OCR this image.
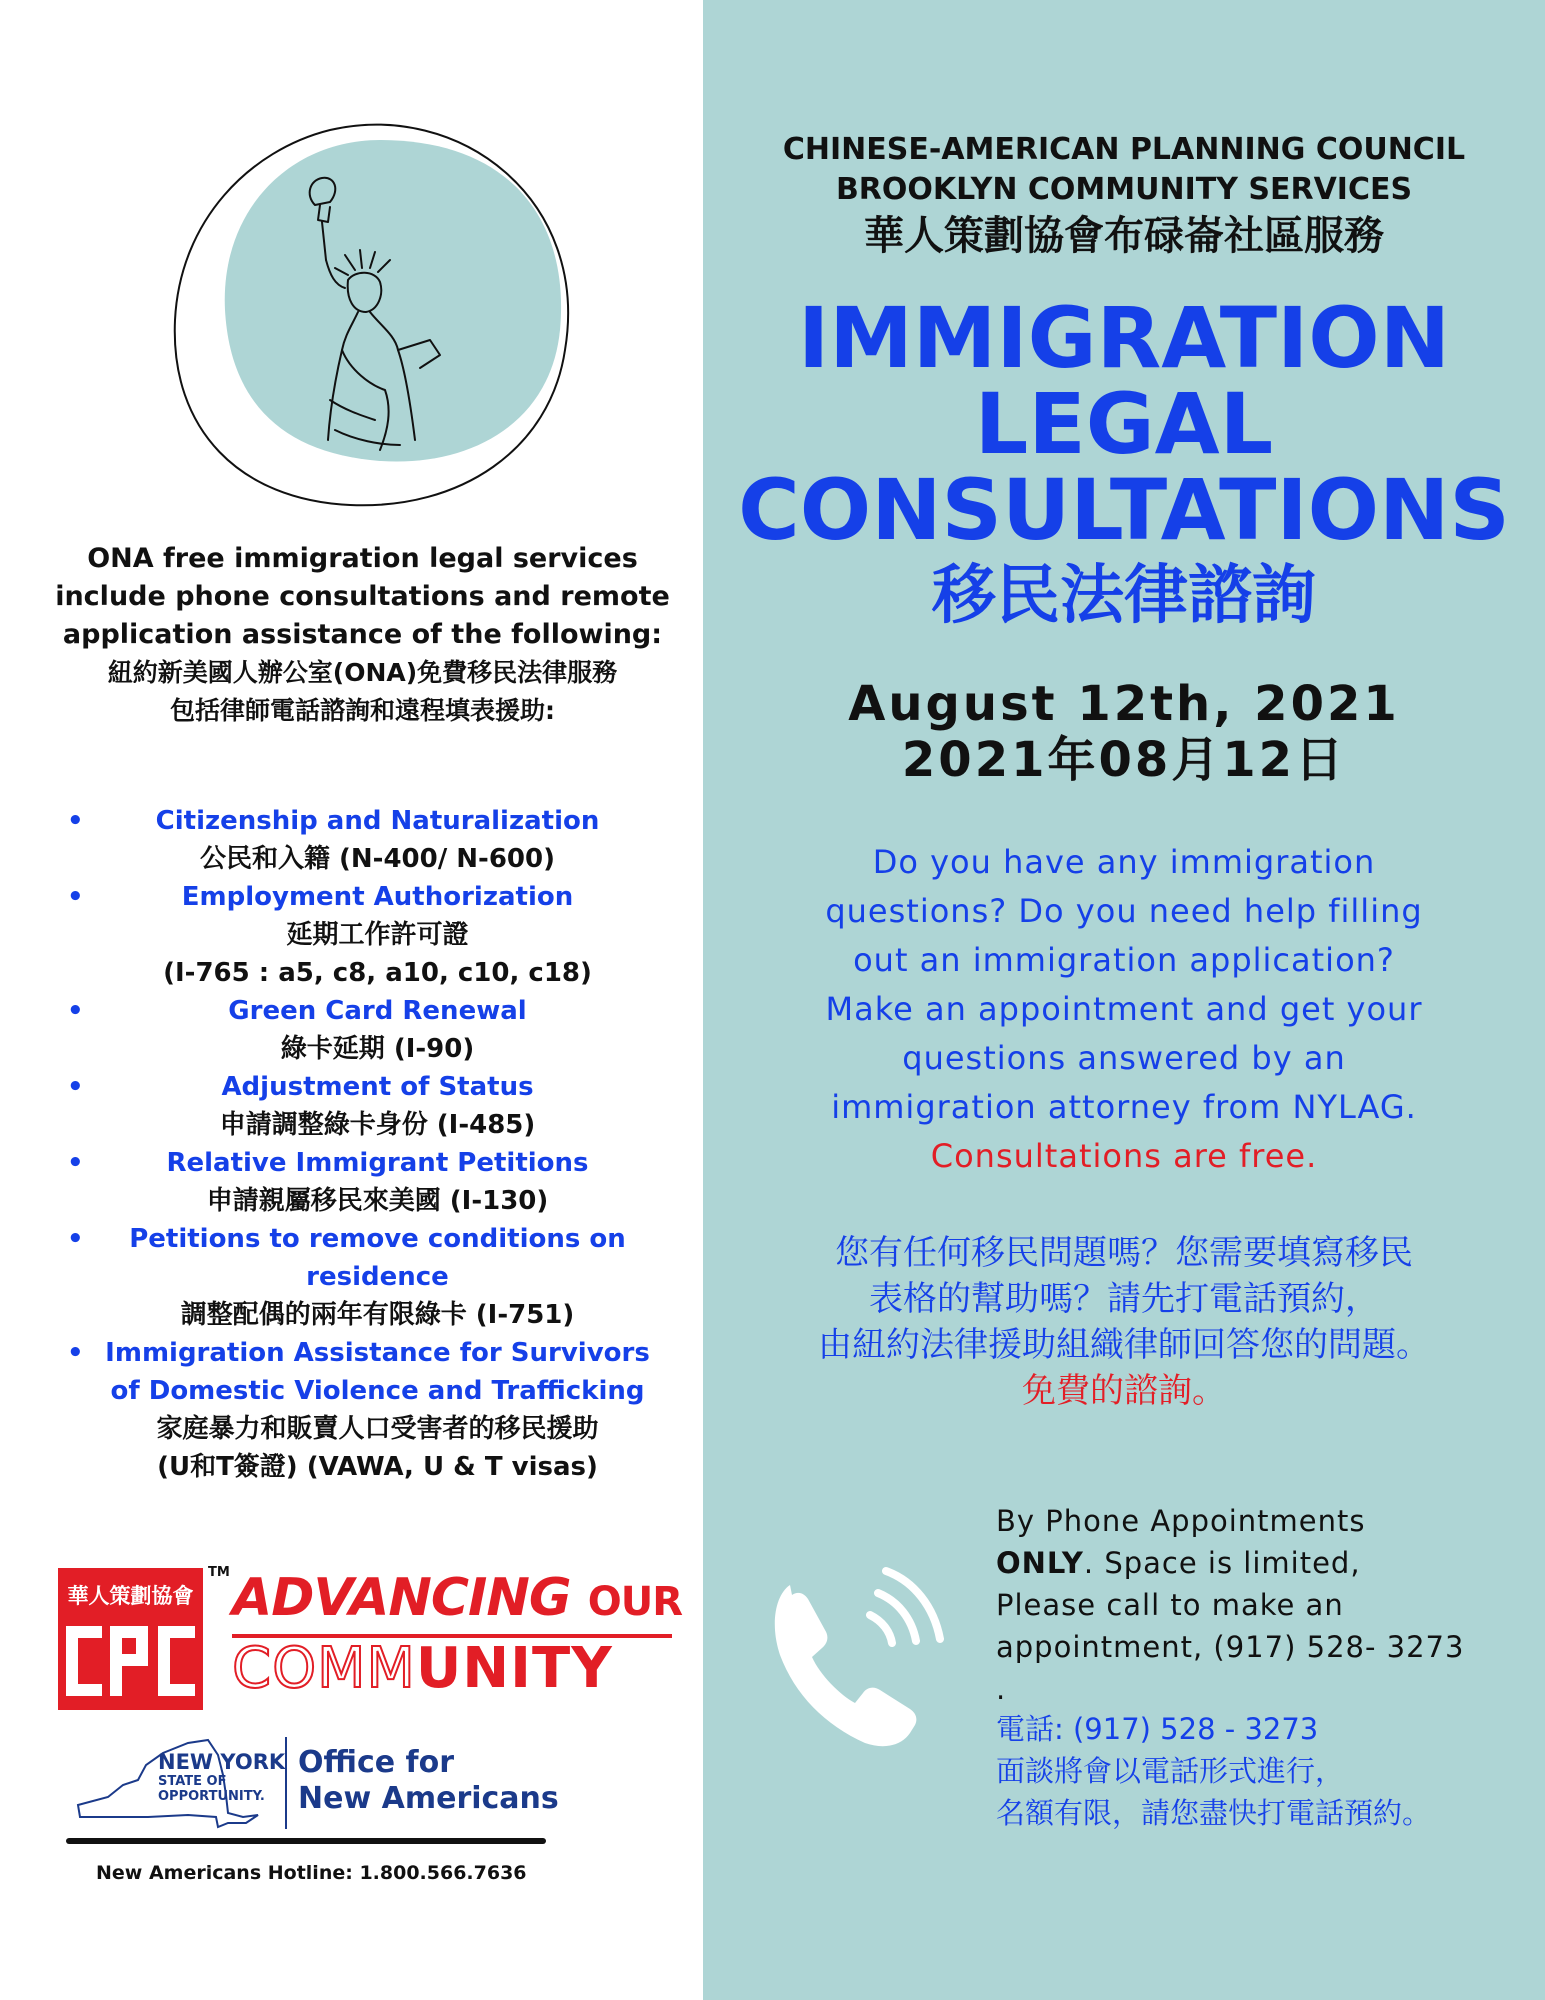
ONA free immigration legal services include phone consultations and remote application assistance of the following:
紐約新美國人辦公室(ONA)免費移民法律服務
包括律師電話諮詢和遠程填表援助:
•	Citizenship and Naturalization
公民和入籍 (N-400/ N-600)
•	Employment Authorization
延期工作許可證
(I-765 : a5, c8, a10, c10, c18)
•	Green Card Renewal
綠卡延期 (I-90)
•	Adjustment of Status
申請調整綠卡身份 (I-485)
•	Relative Immigrant Petitions
申請親屬移民來美國 (I-130)
•	Petitions to remove conditions on residence
調整配偶的兩年有限綠卡 (I-751)
• Immigration Assistance for Survivors of Domestic Violence and Trafficking
家庭暴力和販賣人口受害者的移民援助
(U和T簽證) (VAWA, U & T visas)
華人策劃協會
TM ADVANCING OUR
COMMUNITY
NEW YORK
STATE OF
OPPORTUNITY.
Office for
New Americans
New Americans Hotline: 1.800.566.7636
CHINESE-AMERICAN PLANNING COUNCIL
BROOKLYN COMMUNITY SERVICES
華人策劃協會布碌崙社區服務
IMMIGRATION
LEGAL
CONSULTATIONS
移民法律諮詢
August 12th, 2021
2021年08月12日
Do you have any immigration
questions? Do you need help filling
out an immigration application?
Make an appointment and get your
questions answered by an
immigration attorney from NYLAG.
Consultations are free.
您有任何移民問題嗎？您需要填寫移民
表格的幫助嗎？請先打電話預約，
由紐約法律援助組織律師回答您的問題。
免費的諮詢。
By Phone Appointments
ONLY. Space is limited,
Please call to make an
appointment, (917) 528- 3273
.
電話: (917) 528 - 3273
面談將會以電話形式進行，
名額有限，請您盡快打電話預約。
